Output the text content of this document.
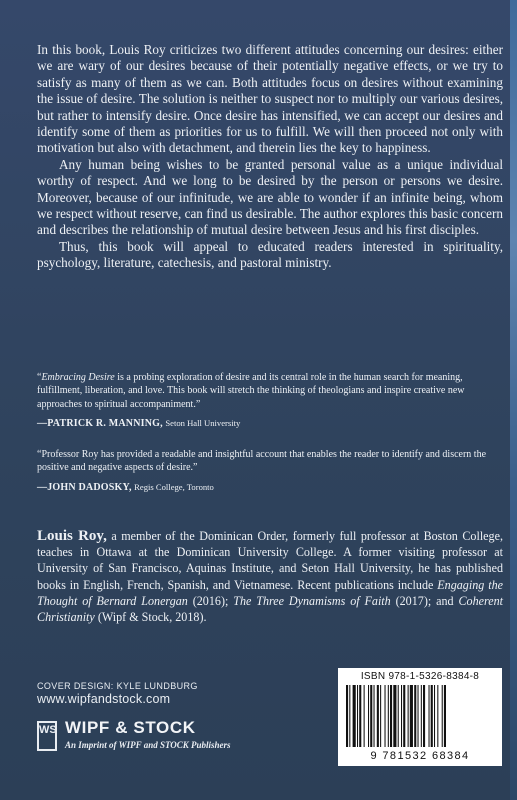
In this book, Louis Roy criticizes two different attitudes concerning our desires: either we are wary of our desires because of their potentially negative effects, or we try to satisfy as many of them as we can. Both attitudes focus on desires without examining the issue of desire. The solution is neither to suspect nor to multiply our various desires, but rather to intensify desire. Once desire has intensified, we can accept our desires and identify some of them as priorities for us to fulfill. We will then proceed not only with motivation but also with detachment, and therein lies the key to happiness.

Any human being wishes to be granted personal value as a unique individual worthy of respect. And we long to be desired by the person or persons we desire. Moreover, because of our infinitude, we are able to wonder if an infinite being, whom we respect without reserve, can find us desirable. The author explores this basic concern and describes the relationship of mutual desire between Jesus and his first disciples.

Thus, this book will appeal to educated readers interested in spirituality, psychology, literature, catechesis, and pastoral ministry.

“Embracing Desire is a probing exploration of desire and its central role in the human search for meaning, fulfillment, liberation, and love. This book will stretch the thinking of theologians and inspire creative new approaches to spiritual accompaniment.”

—PATRICK R. MANNING, Seton Hall University

“Professor Roy has provided a readable and insightful account that enables the reader to identify and discern the positive and negative aspects of desire.”

—JOHN DADOSKY, Regis College, Toronto
Louis Roy, a member of the Dominican Order, formerly full professor at Boston College, teaches in Ottawa at the Dominican University College. A former visiting professor at University of San Francisco, Aquinas Institute, and Seton Hall University, he has published books in English, French, Spanish, and Vietnamese. Recent publications include Engaging the Thought of Bernard Lonergan (2016); The Three Dynamisms of Faith (2017); and Coherent Christianity (Wipf & Stock, 2018).
COVER DESIGN: KYLE LUNDBURG
www.wipfandstock.com
WS WIPF & STOCK
An Imprint of WIPF and STOCK Publishers
ISBN 978-1-5326-8384-8
9 781532 68384
